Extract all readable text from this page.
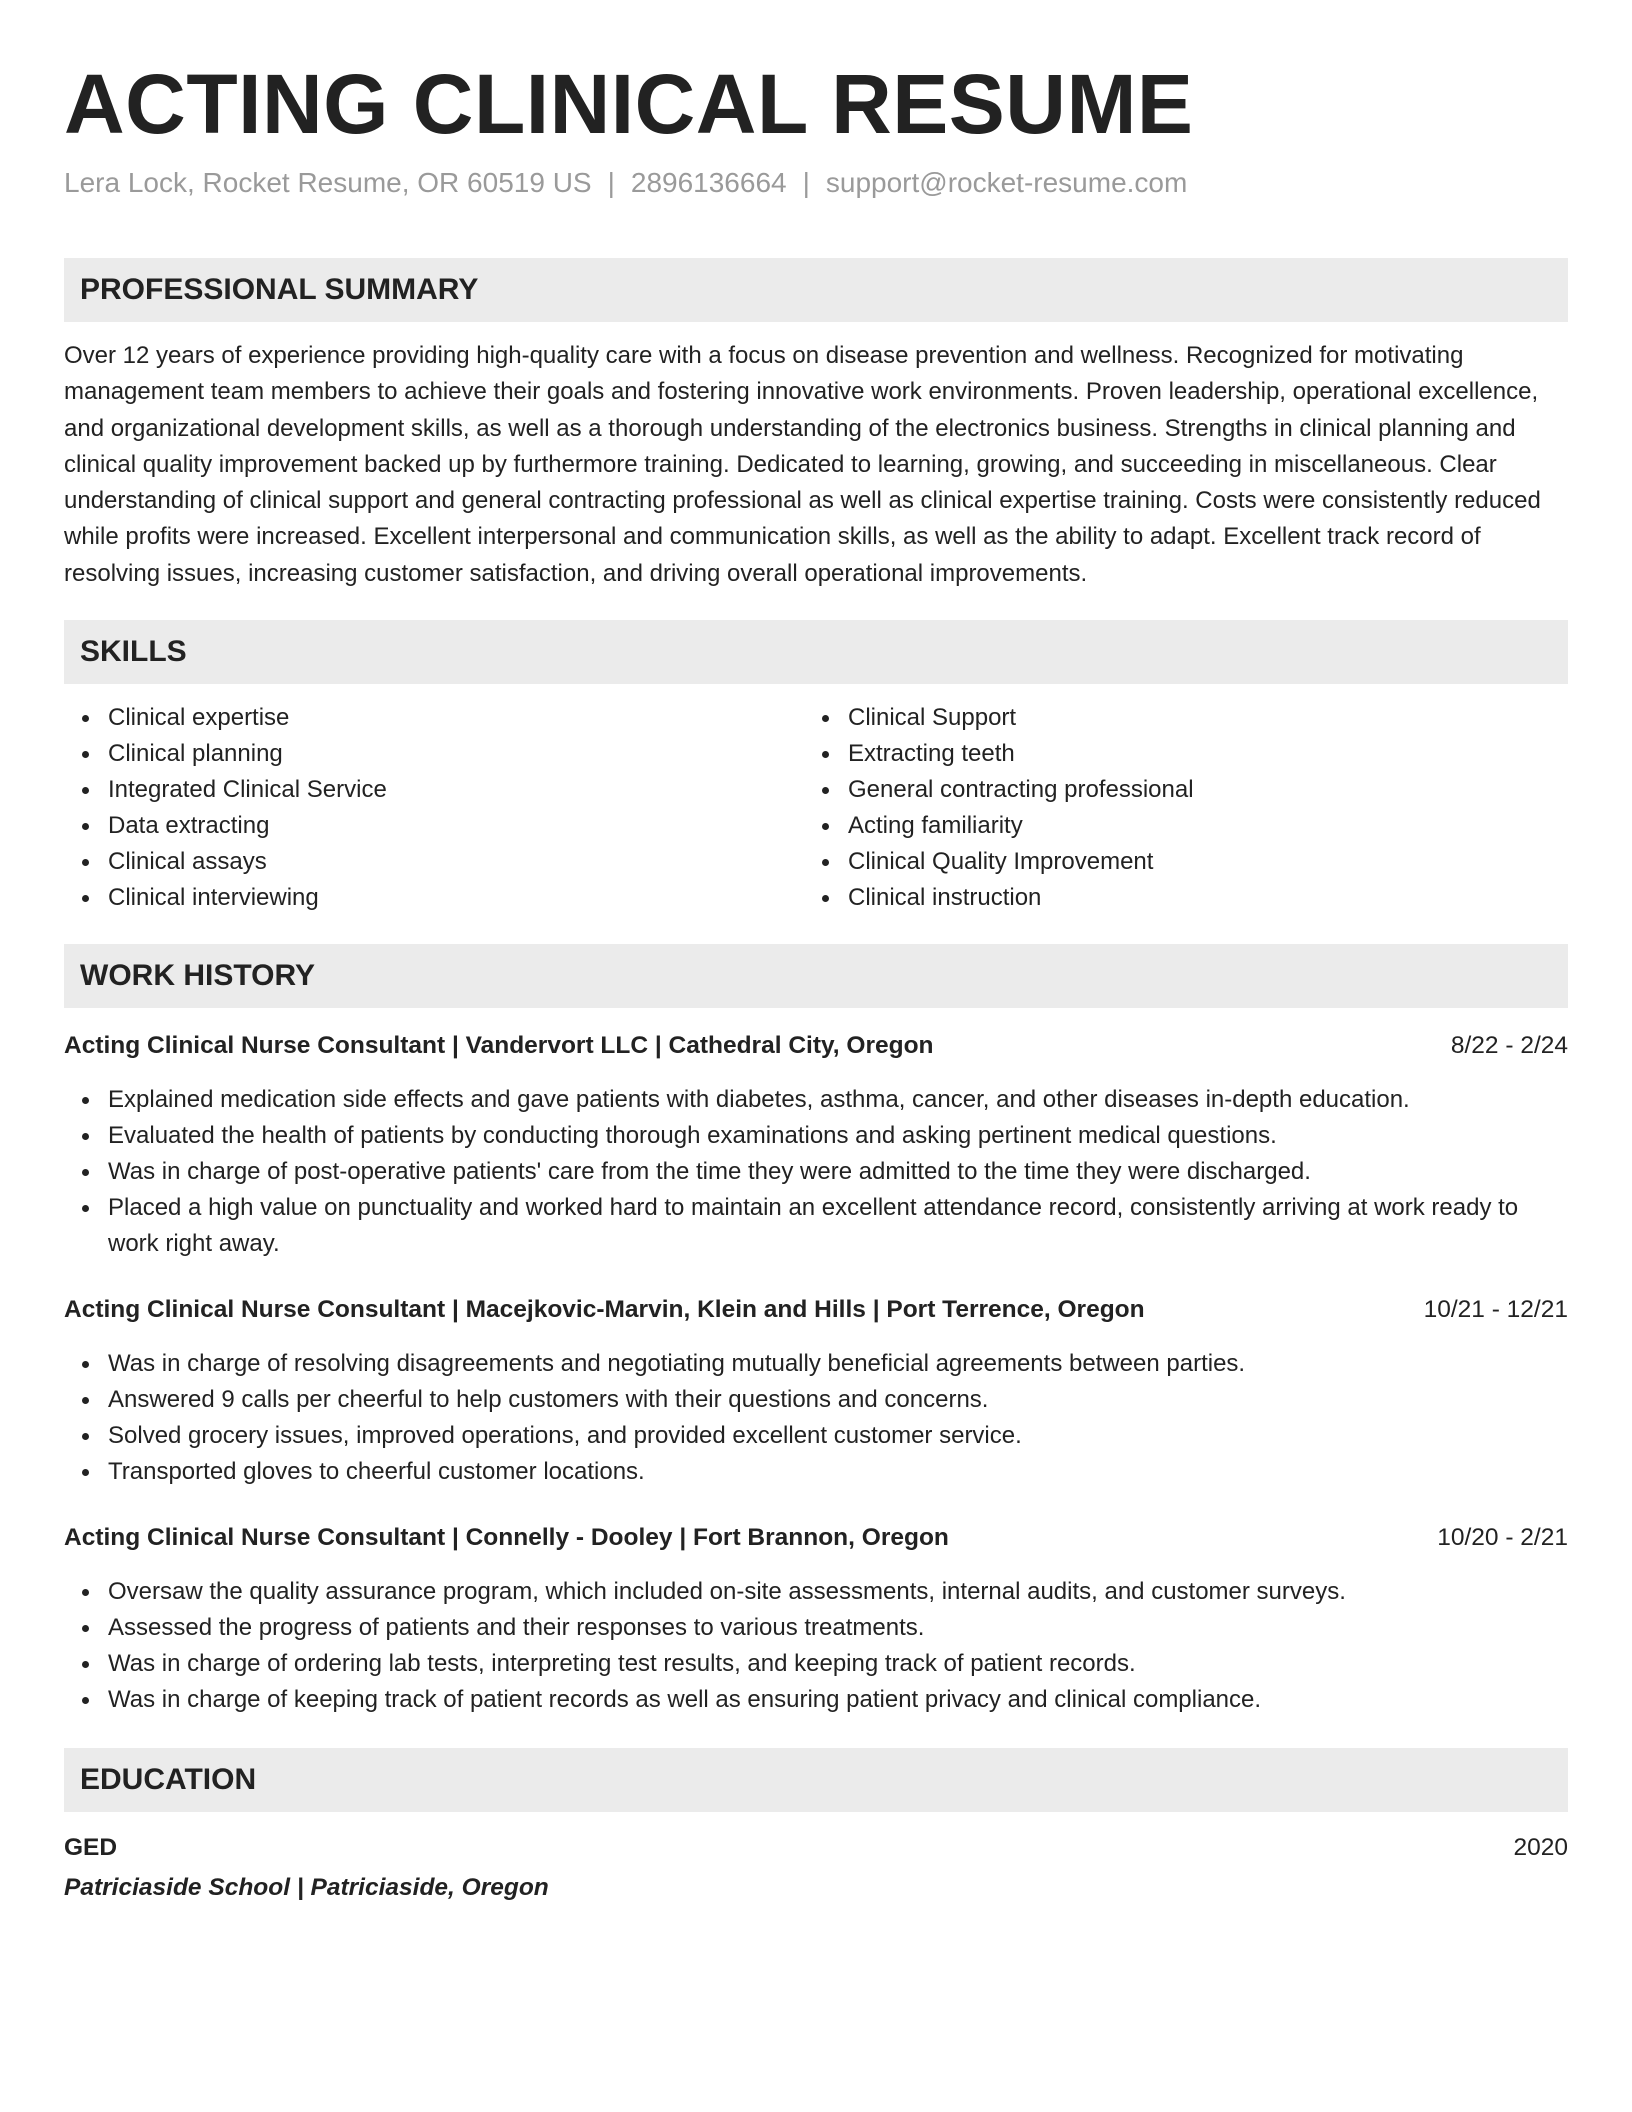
ACTING CLINICAL RESUME
Lera Lock, Rocket Resume, OR 60519 US | 2896136664 | support@rocket-resume.com
PROFESSIONAL SUMMARY
Over 12 years of experience providing high-quality care with a focus on disease prevention and wellness. Recognized for motivating management team members to achieve their goals and fostering innovative work environments. Proven leadership, operational excellence, and organizational development skills, as well as a thorough understanding of the electronics business. Strengths in clinical planning and clinical quality improvement backed up by furthermore training. Dedicated to learning, growing, and succeeding in miscellaneous. Clear understanding of clinical support and general contracting professional as well as clinical expertise training. Costs were consistently reduced while profits were increased. Excellent interpersonal and communication skills, as well as the ability to adapt. Excellent track record of resolving issues, increasing customer satisfaction, and driving overall operational improvements.
SKILLS
Clinical expertise
Clinical planning
Integrated Clinical Service
Data extracting
Clinical assays
Clinical interviewing
Clinical Support
Extracting teeth
General contracting professional
Acting familiarity
Clinical Quality Improvement
Clinical instruction
WORK HISTORY
Acting Clinical Nurse Consultant | Vandervort LLC | Cathedral City, Oregon	8/22 - 2/24
Explained medication side effects and gave patients with diabetes, asthma, cancer, and other diseases in-depth education.
Evaluated the health of patients by conducting thorough examinations and asking pertinent medical questions.
Was in charge of post-operative patients' care from the time they were admitted to the time they were discharged.
Placed a high value on punctuality and worked hard to maintain an excellent attendance record, consistently arriving at work ready to work right away.
Acting Clinical Nurse Consultant | Macejkovic-Marvin, Klein and Hills | Port Terrence, Oregon	10/21 - 12/21
Was in charge of resolving disagreements and negotiating mutually beneficial agreements between parties.
Answered 9 calls per cheerful to help customers with their questions and concerns.
Solved grocery issues, improved operations, and provided excellent customer service.
Transported gloves to cheerful customer locations.
Acting Clinical Nurse Consultant | Connelly - Dooley | Fort Brannon, Oregon	10/20 - 2/21
Oversaw the quality assurance program, which included on-site assessments, internal audits, and customer surveys.
Assessed the progress of patients and their responses to various treatments.
Was in charge of ordering lab tests, interpreting test results, and keeping track of patient records.
Was in charge of keeping track of patient records as well as ensuring patient privacy and clinical compliance.
EDUCATION
GED	2020
Patriciaside School | Patriciaside, Oregon
